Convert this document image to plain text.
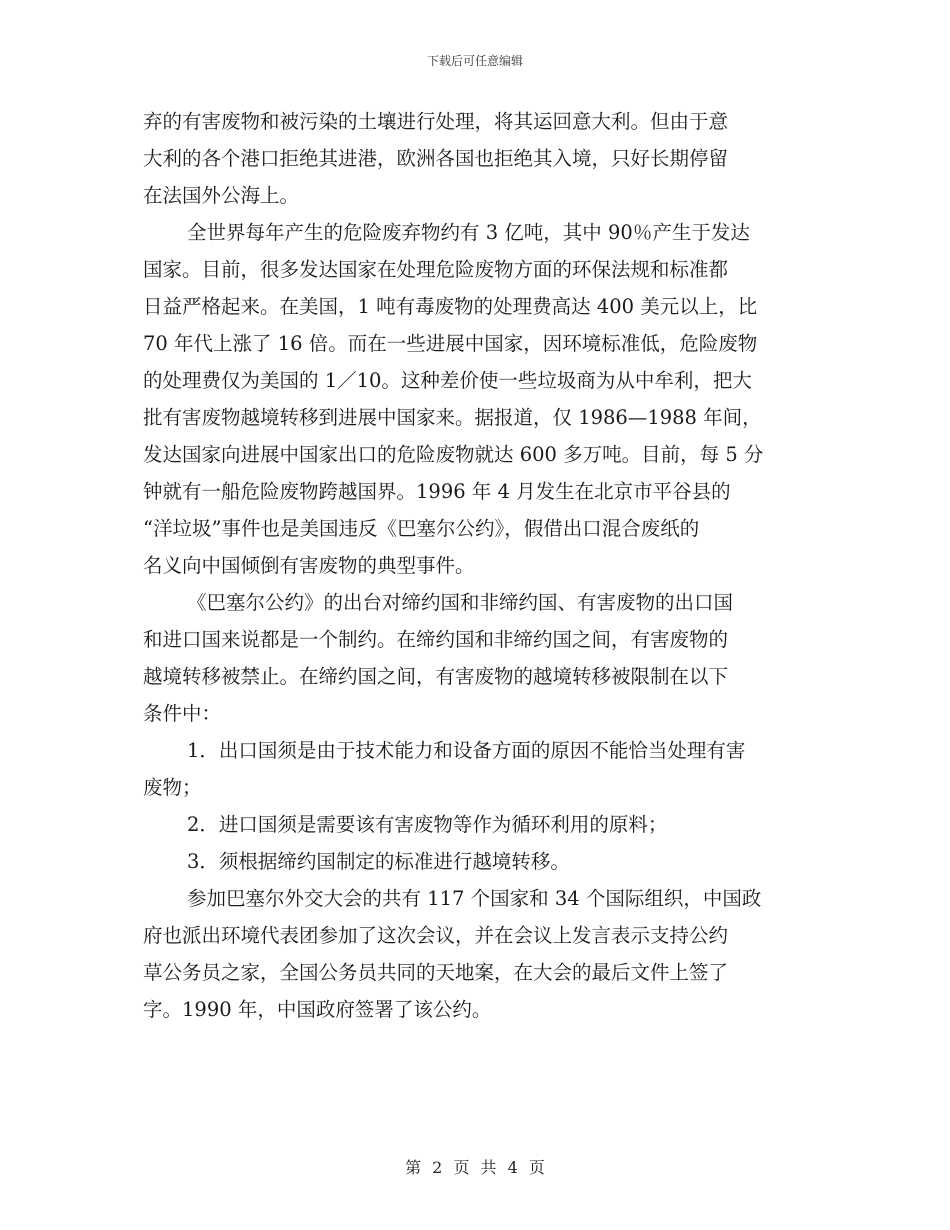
下载后可任意编辑
弃的有害废物和被污染的土壤进行处理，将其运回意大利。但由于意
大利的各个港口拒绝其进港，欧洲各国也拒绝其入境，只好长期停留
在法国外公海上。
全世界每年产生的危险废弃物约有 3 亿吨，其中 90％产生于发达
国家。目前，很多发达国家在处理危险废物方面的环保法规和标准都
日益严格起来。在美国，1 吨有毒废物的处理费高达 400 美元以上，比
70 年代上涨了 16 倍。而在一些进展中国家，因环境标准低，危险废物
的处理费仅为美国的 1／10。这种差价使一些垃圾商为从中牟利，把大
批有害废物越境转移到进展中国家来。据报道，仅 1986—1988 年间，
发达国家向进展中国家出口的危险废物就达 600 多万吨。目前，每 5 分
钟就有一船危险废物跨越国界。1996 年 4 月发生在北京市平谷县的
“洋垃圾”事件也是美国违反《巴塞尔公约》，假借出口混合废纸的
名义向中国倾倒有害废物的典型事件。
《巴塞尔公约》的出台对缔约国和非缔约国、有害废物的出口国
和进口国来说都是一个制约。在缔约国和非缔约国之间，有害废物的
越境转移被禁止。在缔约国之间，有害废物的越境转移被限制在以下
条件中：
1．出口国须是由于技术能力和设备方面的原因不能恰当处理有害
废物；
2．进口国须是需要该有害废物等作为循环利用的原料；
3．须根据缔约国制定的标准进行越境转移。
参加巴塞尔外交大会的共有 117 个国家和 34 个国际组织，中国政
府也派出环境代表团参加了这次会议，并在会议上发言表示支持公约
草公务员之家，全国公务员共同的天地案，在大会的最后文件上签了
字。1990 年，中国政府签署了该公约。
第 2 页 共 4 页
